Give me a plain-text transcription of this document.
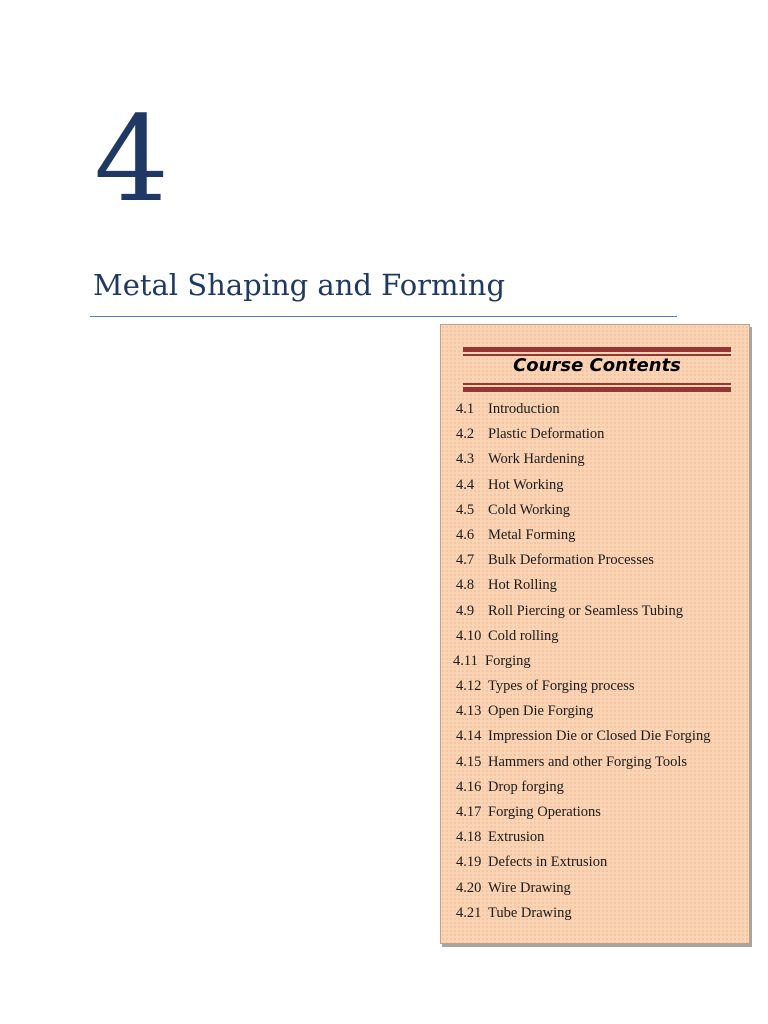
4
Metal Shaping and Forming
Course Contents
4.1 Introduction
4.2 Plastic Deformation
4.3 Work Hardening
4.4 Hot Working
4.5 Cold Working
4.6 Metal Forming
4.7 Bulk Deformation Processes
4.8 Hot Rolling
4.9 Roll Piercing or Seamless Tubing
4.10 Cold rolling
4.11 Forging
4.12 Types of Forging process
4.13 Open Die Forging
4.14 Impression Die or Closed Die Forging
4.15 Hammers and other Forging Tools
4.16 Drop forging
4.17 Forging Operations
4.18 Extrusion
4.19 Defects in Extrusion
4.20 Wire Drawing
4.21 Tube Drawing
